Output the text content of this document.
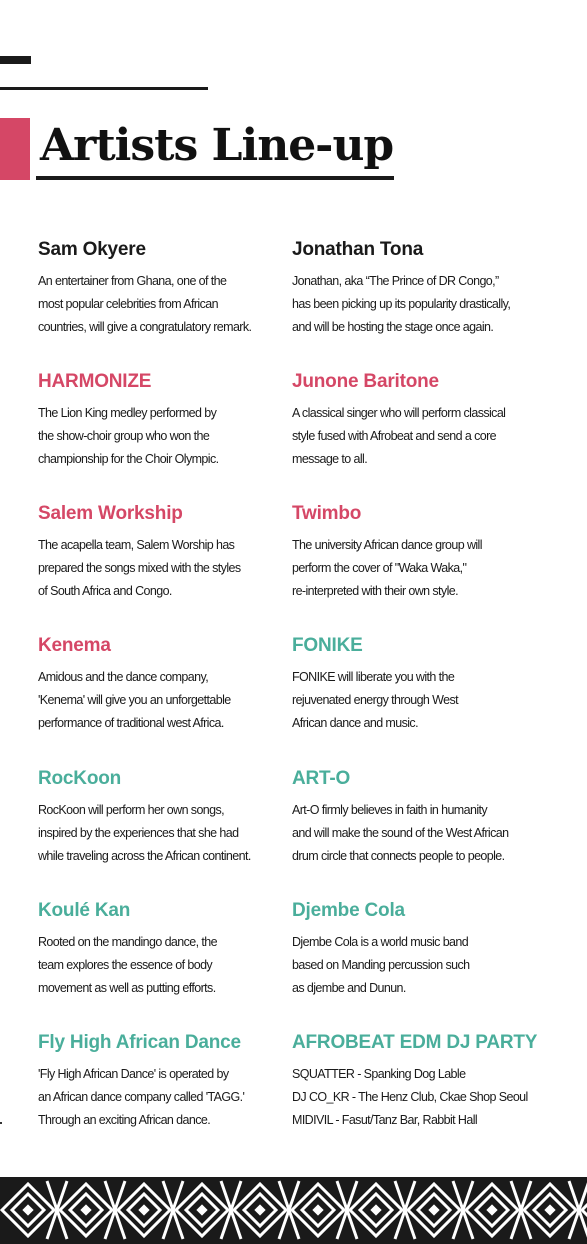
Artists Line-up
Sam Okyere

An entertainer from Ghana, one of the
most popular celebrities from African
countries, will give a congratulatory remark.

Jonathan Tona

Jonathan, aka “The Prince of DR Congo,”
has been picking up its popularity drastically,
and will be hosting the stage once again.

HARMONIZE

The Lion King medley performed by
the show-choir group who won the
championship for the Choir Olympic.

Junone Baritone

A classical singer who will perform classical
style fused with Afrobeat and send a core
message to all.

Salem Workship

The acapella team, Salem Worship has
prepared the songs mixed with the styles
of South Africa and Congo.

Twimbo

The university African dance group will
perform the cover of "Waka Waka,"
re-interpreted with their own style.

Kenema

Amidous and the dance company,
'Kenema' will give you an unforgettable
performance of traditional west Africa.

FONIKE

FONIKE will liberate you with the
rejuvenated energy through West
African dance and music.

RocKoon

RocKoon will perform her own songs,
inspired by the experiences that she had
while traveling across the African continent.

ART-O

Art-O firmly believes in faith in humanity
and will make the sound of the West African
drum circle that connects people to people.

Koulé Kan

Rooted on the mandingo dance, the
team explores the essence of body
movement as well as putting efforts.

Djembe Cola

Djembe Cola is a world music band
based on Manding percussion such
as djembe and Dunun.

Fly High African Dance

'Fly High African Dance' is operated by
an African dance company called 'TAGG.'
Through an exciting African dance.

AFROBEAT EDM DJ PARTY

SQUATTER - Spanking Dog Lable
DJ CO_KR - The Henz Club, Ckae Shop Seoul
MIDIVIL - Fasut/Tanz Bar, Rabbit Hall
